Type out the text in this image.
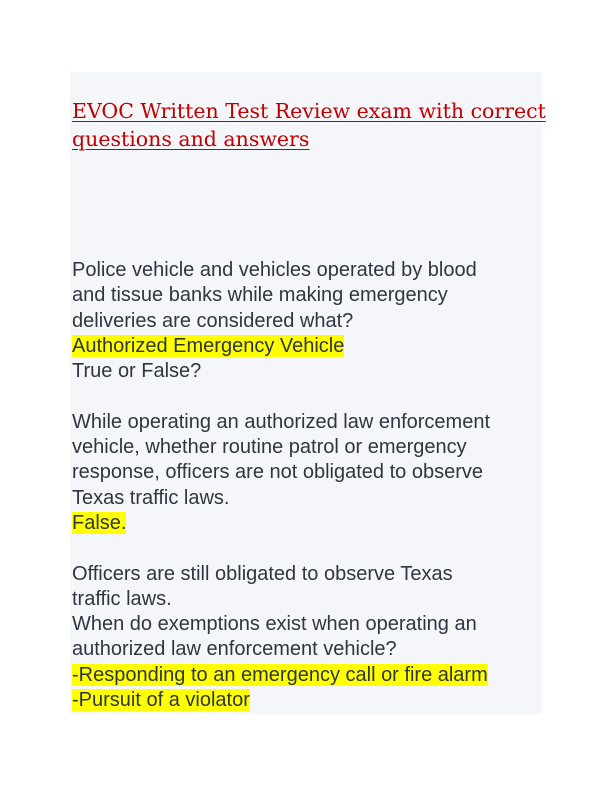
EVOC Written Test Review exam with correct
questions and answers
Police vehicle and vehicles operated by blood
and tissue banks while making emergency
deliveries are considered what?
Authorized Emergency Vehicle
True or False?
While operating an authorized law enforcement
vehicle, whether routine patrol or emergency
response, officers are not obligated to observe
Texas traffic laws.
False.
Officers are still obligated to observe Texas
traffic laws.
When do exemptions exist when operating an
authorized law enforcement vehicle?
-Responding to an emergency call or fire alarm
-Pursuit of a violator
